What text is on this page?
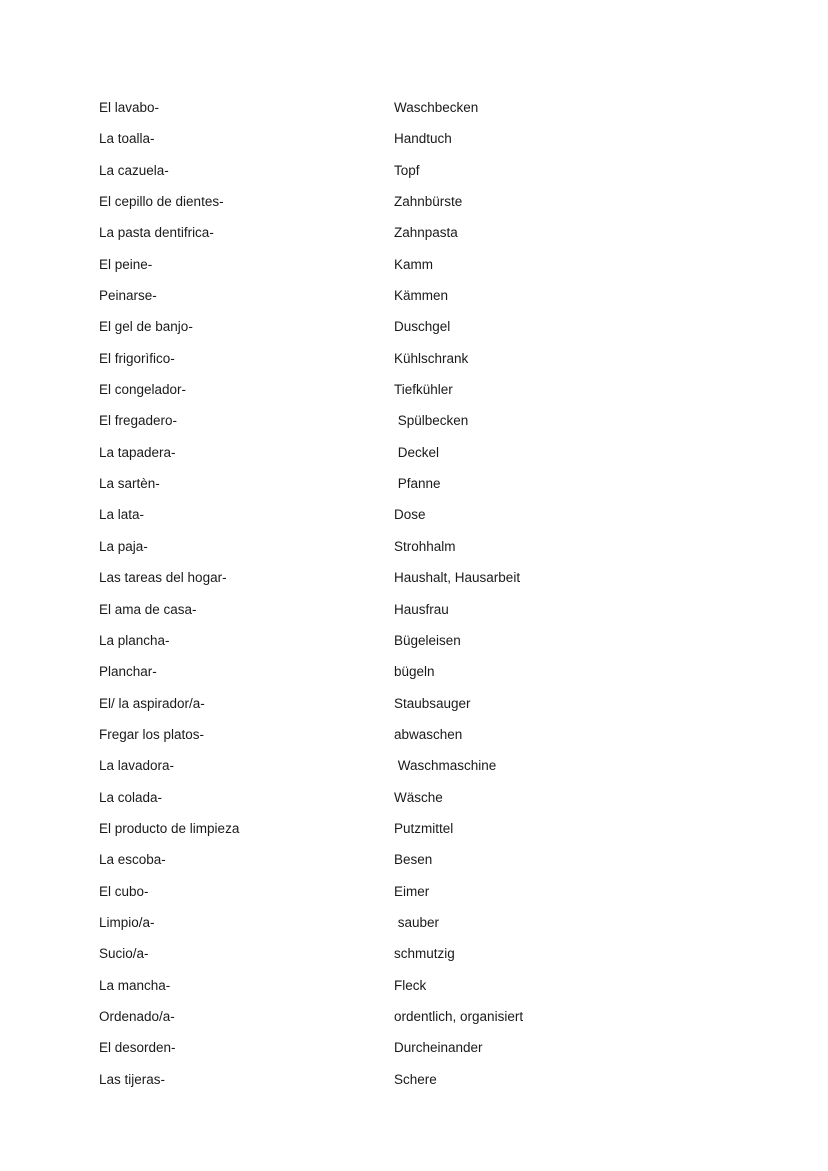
El lavabo-	Waschbecken
La toalla-	Handtuch
La cazuela-	Topf
El cepillo de dientes-	Zahnbürste
La pasta dentifrica-	Zahnpasta
El peine-	Kamm
Peinarse-	Kämmen
El gel de banjo-	Duschgel
El frigorìfico-	Kühlschrank
El congelador-	Tiefkühler
El fregadero-	Spülbecken
La tapadera-	Deckel
La sartèn-	Pfanne
La lata-	Dose
La paja-	Strohhalm
Las tareas del hogar-	Haushalt, Hausarbeit
El ama de casa-	Hausfrau
La plancha-	Bügeleisen
Planchar-	bügeln
El/ la aspirador/a-	Staubsauger
Fregar los platos-	abwaschen
La lavadora-	Waschmaschine
La colada-	Wäsche
El producto de limpieza	Putzmittel
La escoba-	Besen
El cubo-	Eimer
Limpio/a-	sauber
Sucio/a-	schmutzig
La mancha-	Fleck
Ordenado/a-	ordentlich, organisiert
El desorden-	Durcheinander
Las tijeras-	Schere
